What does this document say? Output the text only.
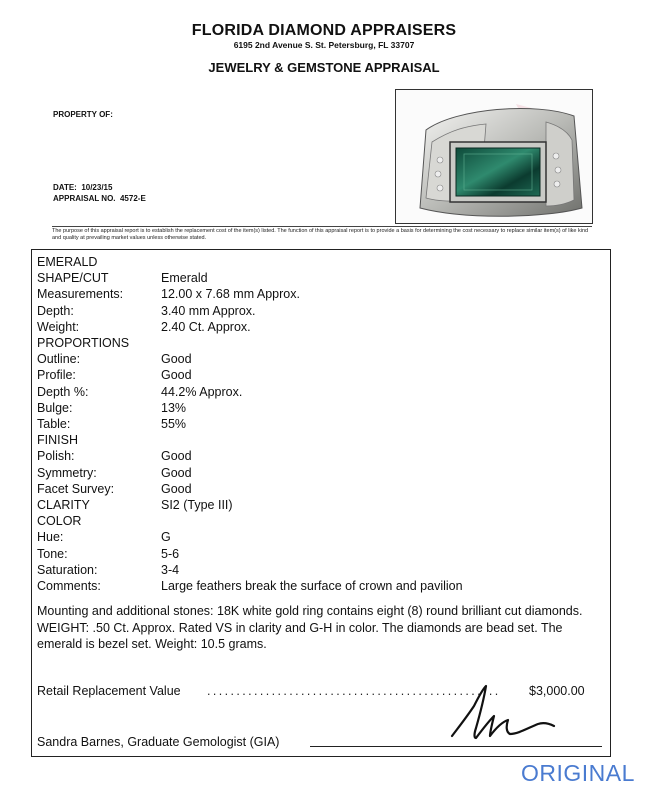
FLORIDA DIAMOND APPRAISERS
6195 2nd Avenue S. St. Petersburg, FL 33707
JEWELRY & GEMSTONE APPRAISAL
PROPERTY OF:
DATE: 10/23/15
APPRAISAL NO. 4572-E
The purpose of this appraisal report is to establish the replacement cost of the item(s) listed. The function of this appraisal report is to provide a basis for determining the cost necessary to replace similar item(s) of like kind and quality at prevailing market values unless otherwise stated.
EMERALD
SHAPE/CUT	Emerald
Measurements:	12.00 x 7.68 mm Approx.
Depth:	3.40 mm Approx.
Weight:	2.40 Ct. Approx.
PROPORTIONS
Outline:	Good
Profile:	Good
Depth %:	44.2% Approx.
Bulge:	13%
Table:	55%
FINISH
Polish:	Good
Symmetry:	Good
Facet Survey:	Good
CLARITY	SI2 (Type III)
COLOR
Hue:	G
Tone:	5-6
Saturation:	3-4
Comments:	Large feathers break the surface of crown and pavilion
Mounting and additional stones: 18K white gold ring contains eight (8) round brilliant cut diamonds. WEIGHT: .50 Ct. Approx. Rated VS in clarity and G-H in color. The diamonds are bead set. The emerald is bezel set. Weight: 10.5 grams.
Retail Replacement Value ..................................................	$3,000.00
Sandra Barnes, Graduate Gemologist (GIA)
ORIGINAL
